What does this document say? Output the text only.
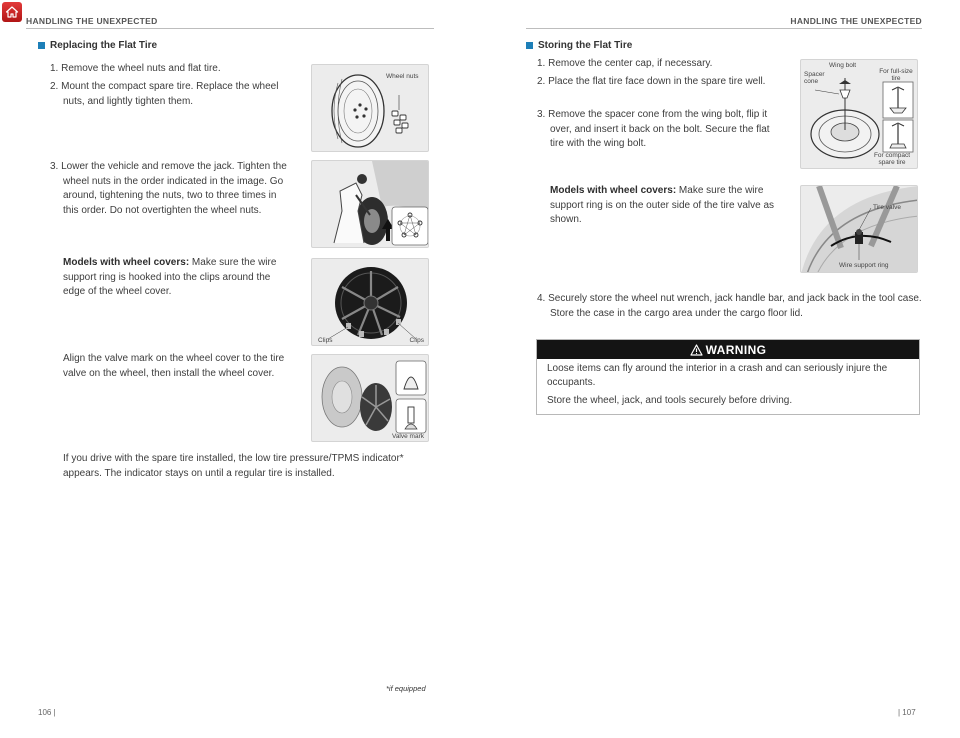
HANDLING THE UNEXPECTED
Replacing the Flat Tire
1. Remove the wheel nuts and flat tire.
2. Mount the compact spare tire. Replace the wheel nuts, and lightly tighten them.
3. Lower the vehicle and remove the jack. Tighten the wheel nuts in the order indicated in the image. Go around, tightening the nuts, two to three times in this order. Do not overtighten the wheel nuts.
Models with wheel covers: Make sure the wire support ring is hooked into the clips around the edge of the wheel cover.
Align the valve mark on the wheel cover to the tire valve on the wheel, then install the wheel cover.
If you drive with the spare tire installed, the low tire pressure/TPMS indicator* appears. The indicator stays on until a regular tire is installed.
Wheel nuts
Clips	Clips
Valve mark
*if equipped
106 |
HANDLING THE UNEXPECTED
Storing the Flat Tire
1. Remove the center cap, if necessary.
2. Place the flat tire face down in the spare tire well.
3. Remove the spacer cone from the wing bolt, flip it over, and insert it back on the bolt. Secure the flat tire with the wing bolt.
Models with wheel covers: Make sure the wire support ring is on the outer side of the tire valve as shown.
4. Securely store the wheel nut wrench, jack handle bar, and jack back in the tool case. Store the case in the cargo area under the cargo floor lid.
Wing bolt
Spacer cone
For full-size tire
For compact spare tire
Tire valve
Wire support ring
WARNING
Loose items can fly around the interior in a crash and can seriously injure the occupants.
Store the wheel, jack, and tools securely before driving.
| 107
